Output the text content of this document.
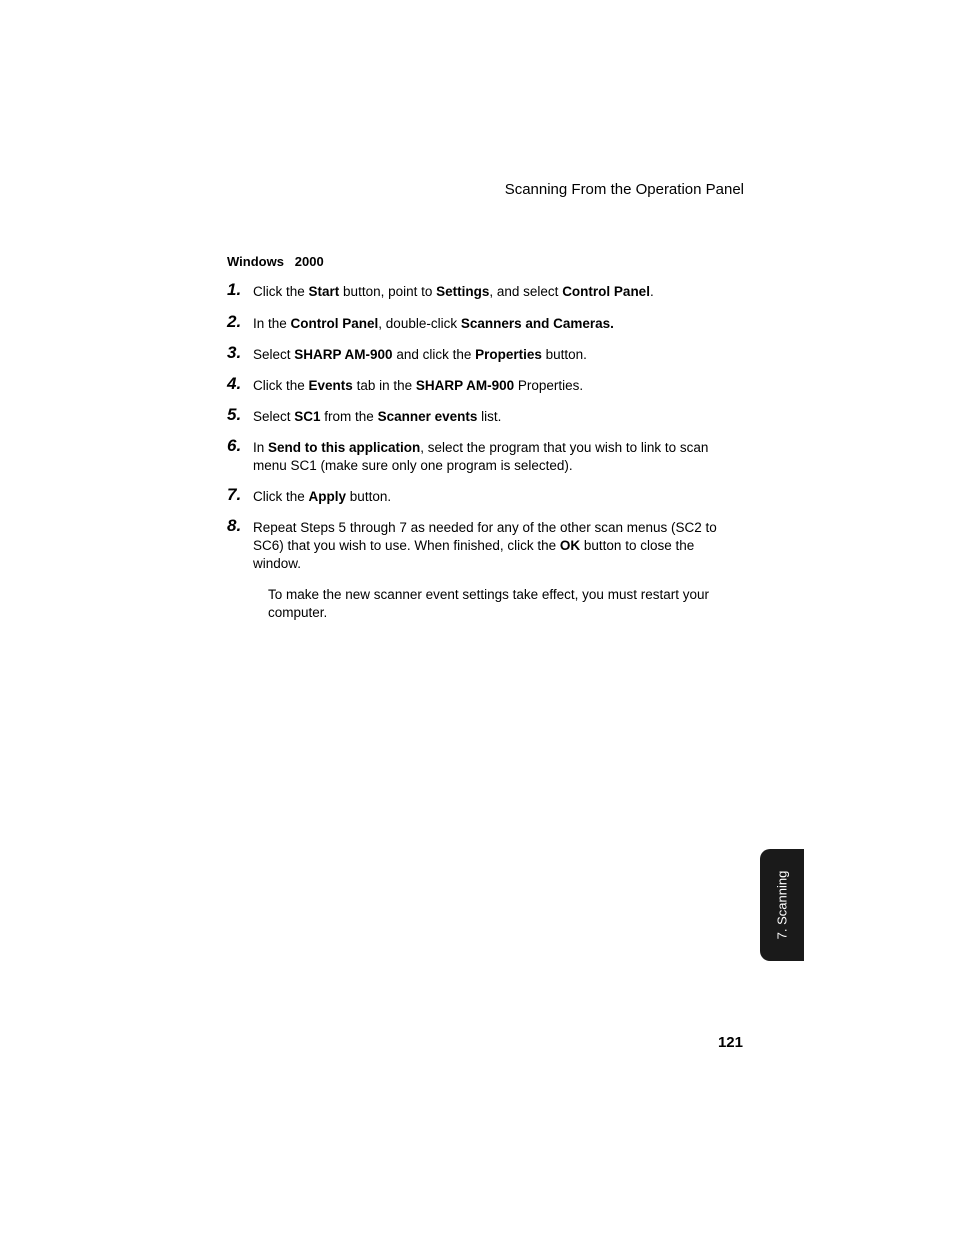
Scanning From the Operation Panel
Windows   2000
1. Click the Start button, point to Settings, and select Control Panel.
2. In the Control Panel, double-click Scanners and Cameras.
3. Select SHARP AM-900 and click the Properties button.
4. Click the Events tab in the SHARP AM-900 Properties.
5. Select SC1 from the Scanner events list.
6. In Send to this application, select the program that you wish to link to scan menu SC1 (make sure only one program is selected).
7. Click the Apply button.
8. Repeat Steps 5 through 7 as needed for any of the other scan menus (SC2 to SC6) that you wish to use. When finished, click the OK button to close the window.
To make the new scanner event settings take effect, you must restart your computer.
7. Scanning
121
